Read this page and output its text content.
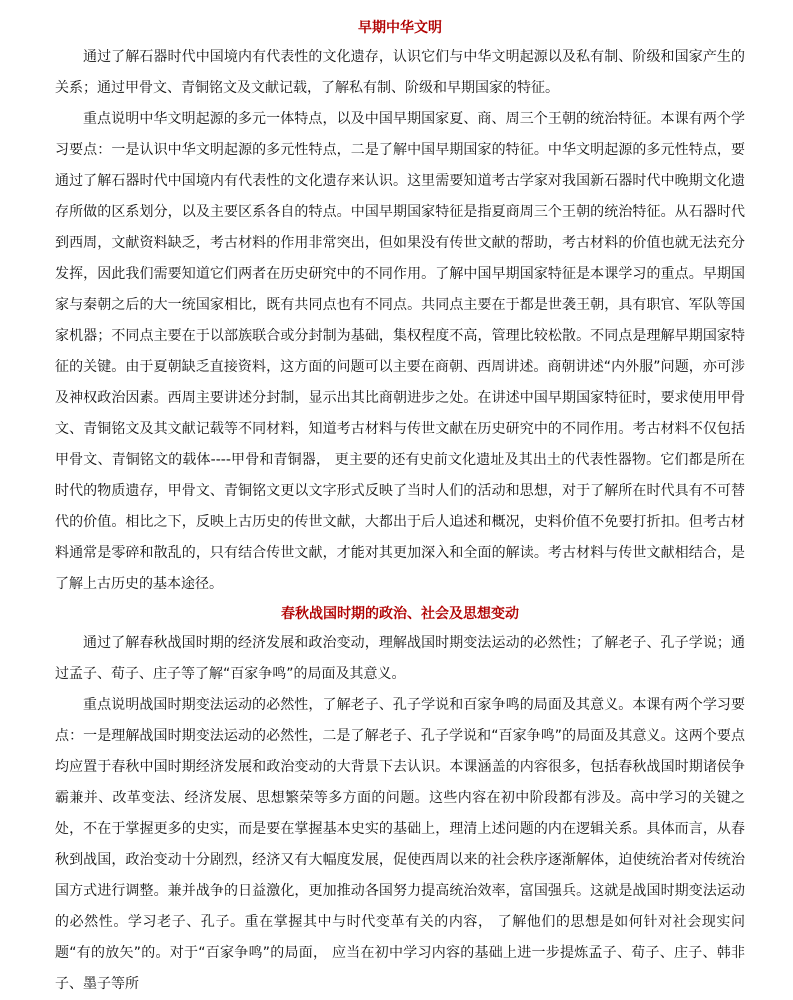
早期中华文明

通过了解石器时代中国境内有代表性的文化遗存，认识它们与中华文明起源以及私有制、阶级和国家产生的关系；通过甲骨文、青铜铭文及文献记载，了解私有制、阶级和早期国家的特征。

重点说明中华文明起源的多元一体特点，以及中国早期国家夏、商、周三个王朝的统治特征。本课有两个学习要点：一是认识中华文明起源的多元性特点，二是了解中国早期国家的特征。中华文明起源的多元性特点，要通过了解石器时代中国境内有代表性的文化遗存来认识。这里需要知道考古学家对我国新石器时代中晚期文化遗存所做的区系划分，以及主要区系各自的特点。中国早期国家特征是指夏商周三个王朝的统治特征。从石器时代到西周，文献资料缺乏，考古材料的作用非常突出，但如果没有传世文献的帮助，考古材料的价值也就无法充分发挥，因此我们需要知道它们两者在历史研究中的不同作用。了解中国早期国家特征是本课学习的重点。早期国家与秦朝之后的大一统国家相比，既有共同点也有不同点。共同点主要在于都是世袭王朝，具有职官、军队等国家机器；不同点主要在于以部族联合或分封制为基础，集权程度不高，管理比较松散。不同点是理解早期国家特征的关键。由于夏朝缺乏直接资料，这方面的问题可以主要在商朝、西周讲述。商朝讲述“内外服”问题，亦可涉及神权政治因素。西周主要讲述分封制，显示出其比商朝进步之处。在讲述中国早期国家特征时，要求使用甲骨文、青铜铭文及其文献记载等不同材料，知道考古材料与传世文献在历史研究中的不同作用。考古材料不仅包括甲骨文、青铜铭文的载体----甲骨和青铜器， 更主要的还有史前文化遗址及其出土的代表性器物。它们都是所在时代的物质遗存，甲骨文、青铜铭文更以文字形式反映了当时人们的活动和思想，对于了解所在时代具有不可替代的价值。相比之下，反映上古历史的传世文献，大都出于后人追述和概况，史料价值不免要打折扣。但考古材料通常是零碎和散乱的，只有结合传世文献，才能对其更加深入和全面的解读。考古材料与传世文献相结合，是了解上古历史的基本途径。

春秋战国时期的政治、社会及思想变动

通过了解春秋战国时期的经济发展和政治变动，理解战国时期变法运动的必然性；了解老子、孔子学说；通过孟子、荀子、庄子等了解“百家争鸣”的局面及其意义。

重点说明战国时期变法运动的必然性，了解老子、孔子学说和百家争鸣的局面及其意义。本课有两个学习要点：一是理解战国时期变法运动的必然性，二是了解老子、孔子学说和“百家争鸣”的局面及其意义。这两个要点均应置于春秋中国时期经济发展和政治变动的大背景下去认识。本课涵盖的内容很多，包括春秋战国时期诸侯争霸兼并、改革变法、经济发展、思想繁荣等多方面的问题。这些内容在初中阶段都有涉及。高中学习的关键之处，不在于掌握更多的史实，而是要在掌握基本史实的基础上，理清上述问题的内在逻辑关系。具体而言，从春秋到战国，政治变动十分剧烈，经济又有大幅度发展，促使西周以来的社会秩序逐渐解体，迫使统治者对传统治国方式进行调整。兼并战争的日益激化，更加推动各国努力提高统治效率，富国强兵。这就是战国时期变法运动的必然性。学习老子、孔子。重在掌握其中与时代变革有关的内容， 了解他们的思想是如何针对社会现实问题“有的放矢”的。对于“百家争鸣”的局面， 应当在初中学习内容的基础上进一步提炼孟子、荀子、庄子、韩非子、墨子等所
